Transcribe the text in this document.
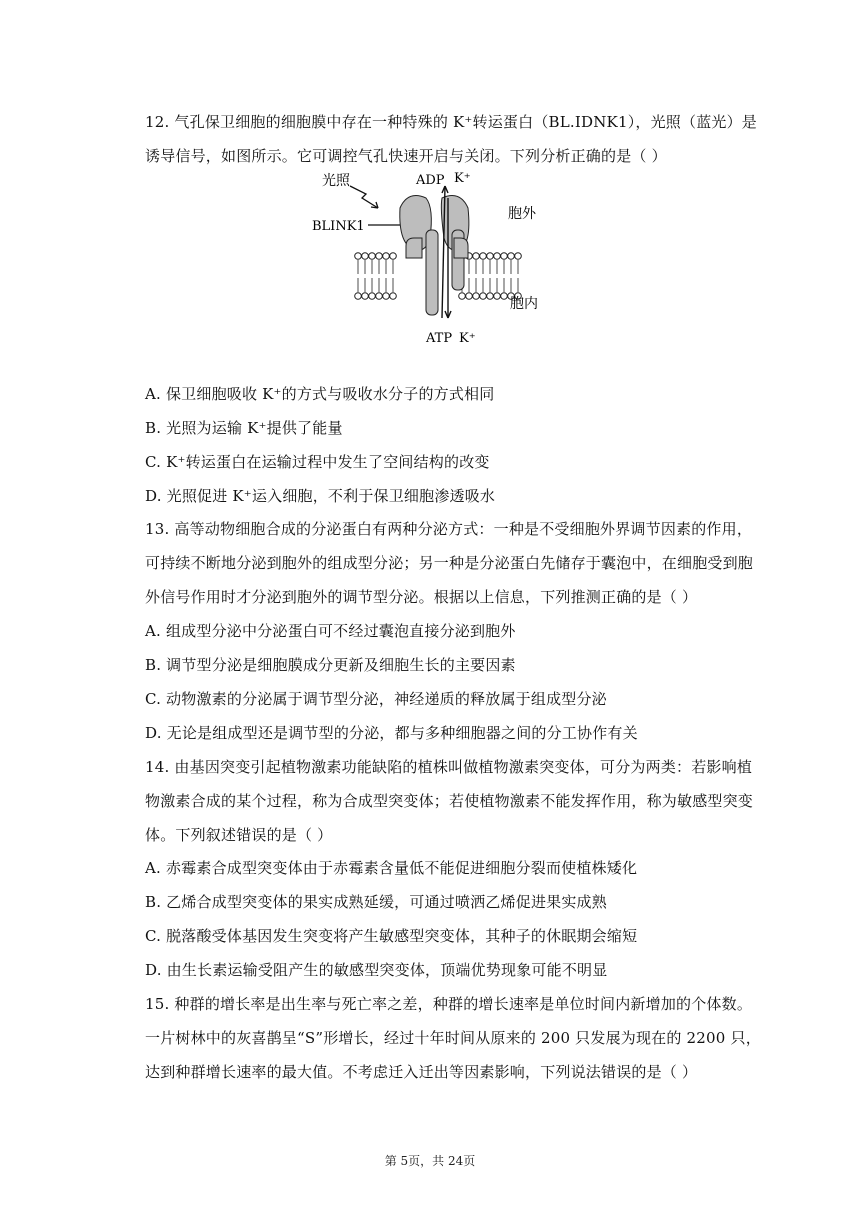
12. 气孔保卫细胞的细胞膜中存在一种特殊的 K⁺转运蛋白（BL.IDNK1），光照（蓝光）是
诱导信号，如图所示。它可调控气孔快速开启与关闭。下列分析正确的是（ ）
光照	ADP K⁺
BLINK1
胞外
胞内
ATP K⁺
A. 保卫细胞吸收 K⁺的方式与吸收水分子的方式相同
B. 光照为运输 K⁺提供了能量
C. K⁺转运蛋白在运输过程中发生了空间结构的改变
D. 光照促进 K⁺运入细胞，不利于保卫细胞渗透吸水
13. 高等动物细胞合成的分泌蛋白有两种分泌方式：一种是不受细胞外界调节因素的作用，
可持续不断地分泌到胞外的组成型分泌；另一种是分泌蛋白先储存于囊泡中，在细胞受到胞
外信号作用时才分泌到胞外的调节型分泌。根据以上信息，下列推测正确的是（ ）
A. 组成型分泌中分泌蛋白可不经过囊泡直接分泌到胞外
B. 调节型分泌是细胞膜成分更新及细胞生长的主要因素
C. 动物激素的分泌属于调节型分泌，神经递质的释放属于组成型分泌
D. 无论是组成型还是调节型的分泌，都与多种细胞器之间的分工协作有关
14. 由基因突变引起植物激素功能缺陷的植株叫做植物激素突变体，可分为两类：若影响植
物激素合成的某个过程，称为合成型突变体；若使植物激素不能发挥作用，称为敏感型突变
体。下列叙述错误的是（ ）
A. 赤霉素合成型突变体由于赤霉素含量低不能促进细胞分裂而使植株矮化
B. 乙烯合成型突变体的果实成熟延缓，可通过喷洒乙烯促进果实成熟
C. 脱落酸受体基因发生突变将产生敏感型突变体，其种子的休眠期会缩短
D. 由生长素运输受阻产生的敏感型突变体，顶端优势现象可能不明显
15. 种群的增长率是出生率与死亡率之差，种群的增长速率是单位时间内新增加的个体数。
一片树林中的灰喜鹊呈“S”形增长，经过十年时间从原来的 200 只发展为现在的 2200 只，
达到种群增长速率的最大值。不考虑迁入迁出等因素影响，下列说法错误的是（ ）
第 5页，共 24页
